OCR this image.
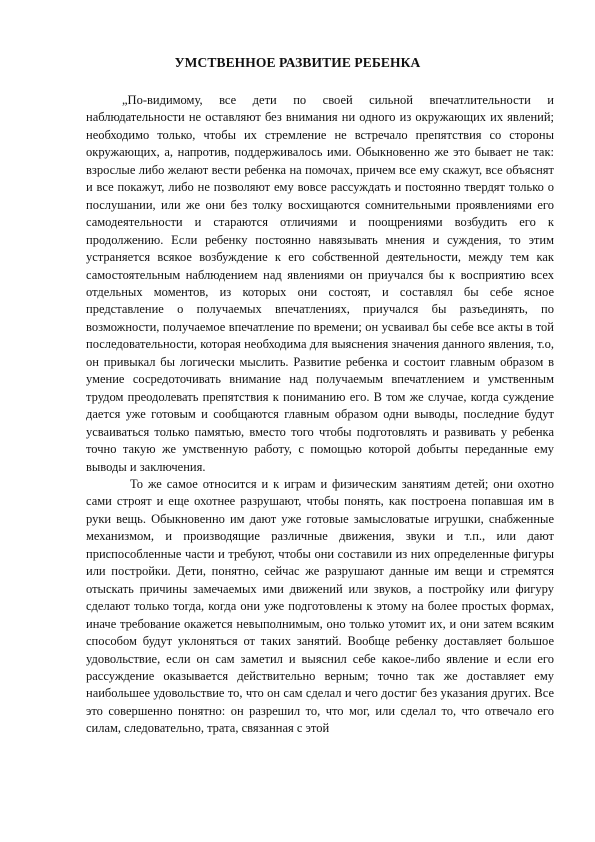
УМСТВЕННОЕ РАЗВИТИЕ РЕБЕНКА

„По-видимому, все дети по своей сильной впечатлительности и наблюдательности не оставляют без внимания ни одного из окружающих их явлений; необходимо только, чтобы их стремление не встречало препятствия со стороны окружающих, а, напротив, поддерживалось ими. Обыкновенно же это бывает не так: взрослые либо желают вести ребенка на помочах, причем все ему скажут, все объяснят и все покажут, либо не позволяют ему вовсе рассуждать и постоянно твердят только о послушании, или же они без толку восхищаются сомнительными проявлениями его самодеятельности и стараются отличиями и поощрениями возбудить его к продолжению. Если ребенку постоянно навязывать мнения и суждения, то этим устраняется всякое возбуждение к его собственной деятельности, между тем как самостоятельным наблюдением над явлениями он приучался бы к восприятию всех отдельных моментов, из которых они состоят, и составлял бы себе ясное представление о получаемых впечатлениях, приучался бы разъединять, по возможности, получаемое впечатление по времени; он усваивал бы себе все акты в той последовательности, которая необходима для выяснения значения данного явления, т.о, он привыкал бы логически мыслить. Развитие ребенка и состоит главным образом в умение сосредоточивать внимание над получаемым впечатлением и умственным трудом преодолевать препятствия к пониманию его. В том же случае, когда суждение дается уже готовым и сообщаются главным образом одни выводы, последние будут усваиваться только памятью, вместо того чтобы подготовлять и развивать у ребенка точно такую же умственную работу, с помощью которой добыты переданные ему выводы и заключения.

То же самое относится и к играм и физическим занятиям детей; они охотно сами строят и еще охотнее разрушают, чтобы понять, как построена попавшая им в руки вещь. Обыкновенно им дают уже готовые замысловатые игрушки, снабженные механизмом, и производящие различные движения, звуки и т.п., или дают приспособленные части и требуют, чтобы они составили из них определенные фигуры или постройки. Дети, понятно, сейчас же разрушают данные им вещи и стремятся отыскать причины замечаемых ими движений или звуков, а постройку или фигуру сделают только тогда, когда они уже подготовлены к этому на более простых формах, иначе требование окажется невыполнимым, оно только утомит их, и они затем всяким способом будут уклоняться от таких занятий. Вообще ребенку доставляет большое удовольствие, если он сам заметил и выяснил себе какое-либо явление и если его рассуждение оказывается действительно верным; точно так же доставляет ему наибольшее удовольствие то, что он сам сделал и чего достиг без указания других. Все это совершенно понятно: он разрешил то, что мог, или сделал то, что отвечало его силам, следовательно, трата, связанная с этой
